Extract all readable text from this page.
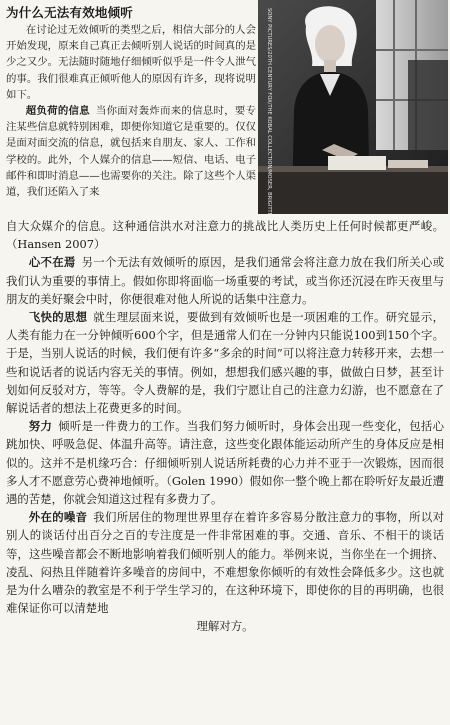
为什么无法有效地倾听

在讨论过无效倾听的类型之后，相信大部分的人会开始发现，原来自己真正去倾听别人说话的时间真的是少之又少。无法随时随地仔细倾听似乎是一件令人泄气的事。我们很难真正倾听他人的原因有许多，现将说明如下。

超负荷的信息 当你面对轰炸而来的信息时，要专注某些信息就特别困难，即便你知道它是重要的。仅仅是面对面交流的信息，就包括来自朋友、家人、工作和学校的。此外，个人媒介的信息——短信、电话、电子邮件和即时消息——也需要你的关注。除了这些个人渠道，我们还陷入了来	SONY PICTURES/20TH CENTURY FOX/THE KOBAL COLLECTION/MOSER, BRIGITTE

自大众媒介的信息。这种通信洪水对注意力的挑战比人类历史上任何时候都更严峻。（Hansen 2007）

心不在焉 另一个无法有效倾听的原因，是我们通常会将注意力放在我们所关心或我们认为重要的事情上。假如你即将面临一场重要的考试，或当你还沉浸在昨天夜里与朋友的美好聚会中时，你便很难对他人所说的话集中注意力。

飞快的思想 就生理层面来说，要做到有效倾听也是一项困难的工作。研究显示，人类有能力在一分钟倾听600个字，但是通常人们在一分钟内只能说100到150个字。于是，当别人说话的时候，我们便有许多“多余的时间”可以将注意力转移开来，去想一些和说话者的说话内容无关的事情。例如，想想我们感兴趣的事，做做白日梦，甚至计划如何反驳对方，等等。令人费解的是，我们宁愿让自己的注意力幻游，也不愿意在了解说话者的想法上花费更多的时间。

努力 倾听是一件费力的工作。当我们努力倾听时，身体会出现一些变化，包括心跳加快、呼吸急促、体温升高等。请注意，这些变化跟体能运动所产生的身体反应是相似的。这并不是机缘巧合：仔细倾听别人说话所耗费的心力并不亚于一次锻炼，因而很多人才不愿意劳心费神地倾听。（Golen 1990）假如你一整个晚上都在聆听好友最近遭遇的苦楚，你就会知道这过程有多费力了。

外在的噪音 我们所居住的物理世界里存在着许多容易分散注意力的事物，所以对别人的谈话付出百分之百的专注度是一件非常困难的事。交通、音乐、不相干的谈话等，这些噪音都会不断地影响着我们倾听别人的能力。举例来说，当你坐在一个拥挤、凌乱、闷热且伴随着许多噪音的房间中，不难想象你倾听的有效性会降低多少。这也就是为什么嘈杂的教室是不利于学生学习的，在这种环境下，即使你的目的再明确，也很难保证你可以清楚地

理解对方。
